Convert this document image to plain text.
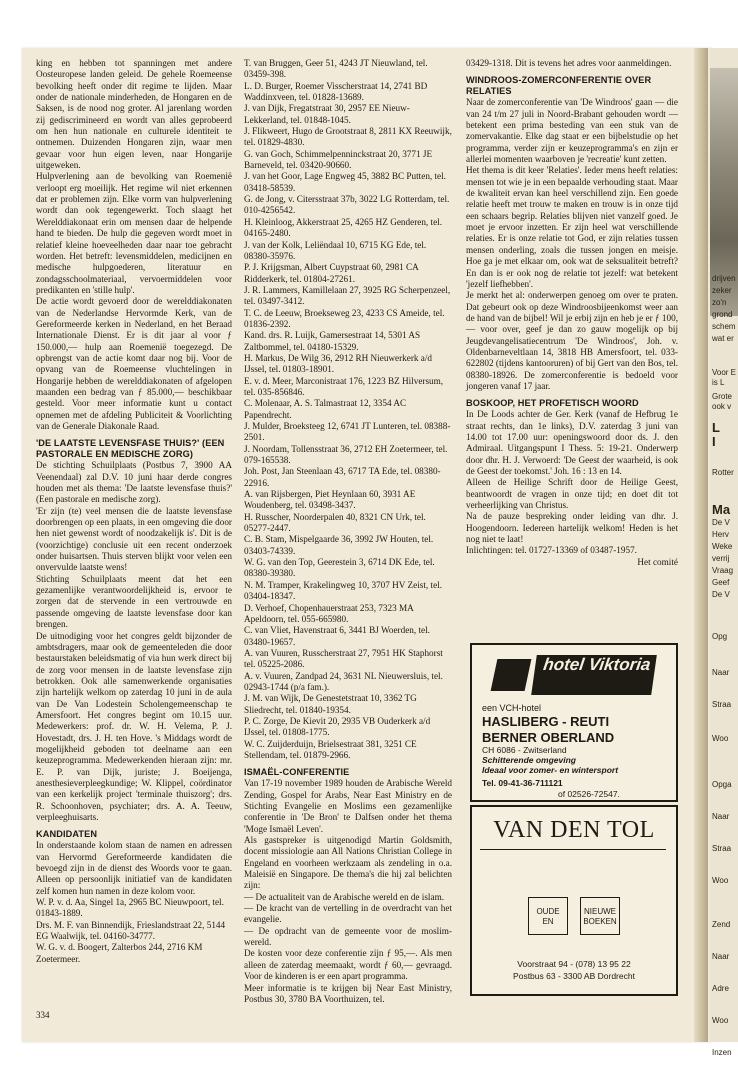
king en hebben tot spanningen met andere Oosteuropese landen geleid. De gehele Roemeense bevolking heeft onder dit regime te lijden. Maar onder de nationale minderheden, de Hongaren en de Saksen, is de nood nog groter. Al jarenlang worden zij gediscrimineerd en wordt van alles geprobeerd om hen hun nationale en culturele identiteit te ontnemen. Duizenden Hongaren zijn, waar men gevaar voor hun eigen leven, naar Hongarije uitgeweken.

Hulpverlening aan de bevolking van Roemenië verloopt erg moeilijk. Het regime wil niet erkennen dat er problemen zijn. Elke vorm van hulpverlening wordt dan ook tegengewerkt. Toch slaagt het Werelddiakonaat erin om mensen daar de helpende hand te bieden. De hulp die gegeven wordt moet in relatief kleine hoeveelheden daar naar toe gebracht worden. Het betreft: levensmiddelen, medicijnen en medische hulpgoederen, literatuur en zondagsschoolmateriaal, vervoermiddelen voor predikanten en 'stille hulp'.

De actie wordt gevoerd door de werelddiakonaten van de Nederlandse Hervormde Kerk, van de Gereformeerde kerken in Nederland, en het Beraad Internationale Dienst. Er is dit jaar al voor ƒ 150.000,— hulp aan Roemenië toegezegd. De opbrengst van de actie komt daar nog bij. Voor de opvang van de Roemeense vluchtelingen in Hongarije hebben de werelddiakonaten of afgelopen maanden een bedrag van ƒ 85.000,— beschikbaar gesteld. Voor meer informatie kunt u contact opnemen met de afdeling Publiciteit & Voorlichting van de Generale Diakonale Raad.

'DE LAATSTE LEVENSFASE THUIS?' (EEN PASTORALE EN MEDISCHE ZORG)

De stichting Schuilplaats (Postbus 7, 3900 AA Veenendaal) zal D.V. 10 juni haar derde congres houden met als thema: 'De laatste levensfase thuis?' (Een pastorale en medische zorg).

'Er zijn (te) veel mensen die de laatste levensfase doorbrengen op een plaats, in een omgeving die door hen niet gewenst wordt of noodzakelijk is'. Dit is de (voorzichtige) conclusie uit een recent onderzoek onder huisartsen. Thuis sterven blijkt voor velen een onvervulde laatste wens!

Stichting Schuilplaats meent dat het een gezamenlijke verantwoordelijkheid is, ervoor te zorgen dat de stervende in een vertrouwde en passende omgeving de laatste levensfase door kan brengen.

De uitnodiging voor het congres geldt bijzonder de ambtsdragers, maar ook de gemeenteleden die door bestaurstaken beleidsmatig of via hun werk direct bij de zorg voor mensen in de laatste levensfase zijn betrokken. Ook alle samenwerkende organisaties zijn hartelijk welkom op zaterdag 10 juni in de aula van De Van Lodestein Scholengemeenschap te Amersfoort. Het congres begint om 10.15 uur. Medewerkers: prof. dr. W. H. Velema, P. J. Hovestadt, drs. J. H. ten Hove. 's Middags wordt de mogelijkheid geboden tot deelname aan een keuzeprogramma. Medewerkenden hieraan zijn: mr. E. P. van Dijk, juriste; J. Boeijenga, anesthesieverpleegkundige; W. Klippel, coördinator van een kerkelijk project 'terminale thuiszorg'; drs. R. Schoonhoven, psychiater; drs. A. A. Teeuw, verpleeghuisarts.

KANDIDATEN

In onderstaande kolom staan de namen en adressen van Hervormd Gereformeerde kandidaten die bevoegd zijn in de dienst des Woords voor te gaan. Alleen op persoonlijk initiatief van de kandidaten zelf komen hun namen in deze kolom voor.

W. P. v. d. Aa, Singel 1a, 2965 BC Nieuwpoort, tel. 01843-1889.

Drs. M. F. van Binnendijk, Frieslandstraat 22, 5144 EG Waalwijk, tel. 04160-34777.

W. G. v. d. Boogert, Zalterbos 244, 2716 KM Zoetermeer.

T. van Bruggen, Geer 51, 4243 JT Nieuwland, tel. 03459-398.

L. D. Burger, Roemer Visscherstraat 14, 2741 BD Waddinxveen, tel. 01828-13689.

J. van Dijk, Fregatstraat 30, 2957 EE Nieuw-Lekkerland, tel. 01848-1045.

J. Flikweert, Hugo de Grootstraat 8, 2811 KX Reeuwijk, tel. 01829-4830.

G. van Goch, Schimmelpenninckstraat 20, 3771 JE Barneveld, tel. 03420-90660.

J. van het Goor, Lage Engweg 45, 3882 BC Putten, tel. 03418-58539.

G. de Jong, v. Citersstraat 37b, 3022 LG Rotterdam, tel. 010-4256542.

H. Kleinloog, Akkerstraat 25, 4265 HZ Genderen, tel. 04165-2480.

J. van der Kolk, Leliëndaal 10, 6715 KG Ede, tel. 08380-35976.

P. J. Krijgsman, Albert Cuypstraat 60, 2981 CA Ridderkerk, tel. 01804-27261.

J. R. Lammers, Kamillelaan 27, 3925 RG Scherpenzeel, tel. 03497-3412.

T. C. de Leeuw, Broekseweg 23, 4233 CS Ameide, tel. 01836-2392.

Kand. drs. R. Luijk, Gamersestraat 14, 5301 AS Zaltbommel, tel. 04180-15329.

H. Markus, De Wilg 36, 2912 RH Nieuwerkerk a/d IJssel, tel. 01803-18901.

E. v. d. Meer, Marconistraat 176, 1223 BZ Hilversum, tel. 035-856846.

C. Molenaar, A. S. Talmastraat 12, 3354 AC Papendrecht.

J. Mulder, Broeksteeg 12, 6741 JT Lunteren, tel. 08388-2501.

J. Noordam, Tollensstraat 36, 2712 EH Zoetermeer, tel. 079-165538.

Joh. Post, Jan Steenlaan 43, 6717 TA Ede, tel. 08380-22916.

A. van Rijsbergen, Piet Heynlaan 60, 3931 AE Woudenberg, tel. 03498-3437.

H. Russcher, Noorderpalen 40, 8321 CN Urk, tel. 05277-2447.

C. B. Stam, Mispelgaarde 36, 3992 JW Houten, tel. 03403-74339.

W. G. van den Top, Geerestein 3, 6714 DK Ede, tel. 08380-39380.

N. M. Tramper, Krakelingweg 10, 3707 HV Zeist, tel. 03404-18347.

D. Verhoef, Chopenhauerstraat 253, 7323 MA Apeldoorn, tel. 055-665980.

C. van Vliet, Havenstraat 6, 3441 BJ Woerden, tel. 03480-19657.

A. van Vuuren, Russcherstraat 27, 7951 HK Staphorst tel. 05225-2086.

A. v. Vuuren, Zandpad 24, 3631 NL Nieuwersluis, tel. 02943-1744 (p/a fam.).

J. M. van Wijk, De Genestetstraat 10, 3362 TG Sliedrecht, tel. 01840-19354.

P. C. Zorge, De Kievit 20, 2935 VB Ouderkerk a/d IJssel, tel. 01808-1775.

W. C. Zuijderduijn, Brielsestraat 381, 3251 CE Stellendam, tel. 01879-2966.

ISMAËL-CONFERENTIE

Van 17-19 november 1989 houden de Arabische Wereld Zending, Gospel for Arabs, Near East Ministry en de Stichting Evangelie en Moslims een gezamenlijke conferentie in 'De Bron' te Dalfsen onder het thema 'Moge Ismaël Leven'.

Als gastspreker is uitgenodigd Martin Goldsmith, docent missiologie aan All Nations Christian College in Engeland en voorheen werkzaam als zendeling in o.a. Maleisië en Singapore. De thema's die hij zal belichten zijn:

— De actualiteit van de Arabische wereld en de islam.

— De kracht van de vertelling in de overdracht van het evangelie.

— De opdracht van de gemeente voor de moslim-wereld.

De kosten voor deze conferentie zijn ƒ 95,—. Als men alleen de zaterdag meemaakt, wordt ƒ 60,— gevraagd. Voor de kinderen is er een apart programma.

Meer informatie is te krijgen bij Near East Ministry, Postbus 30, 3780 BA Voorthuizen, tel.

03429-1318. Dit is tevens het adres voor aanmeldingen.

WINDROOS-ZOMERCONFERENTIE OVER RELATIES

Naar de zomerconferentie van 'De Windroos' gaan — die van 24 t/m 27 juli in Noord-Brabant gehouden wordt — betekent een prima besteding van een stuk van de zomervakantie. Elke dag staat er een bijbelstudie op het programma, verder zijn er keuzeprogramma's en zijn er allerlei momenten waarboven je 'recreatie' kunt zetten.

Het thema is dit keer 'Relaties'. Ieder mens heeft relaties: mensen tot wie je in een bepaalde verhouding staat. Maar de kwaliteit ervan kan heel verschillend zijn. Een goede relatie heeft met trouw te maken en trouw is in onze tijd een schaars begrip. Relaties blijven niet vanzelf goed. Je moet je ervoor inzetten. Er zijn heel wat verschillende relaties. Er is onze relatie tot God, er zijn relaties tussen mensen onderling, zoals die tussen jongen en meisje. Hoe ga je met elkaar om, ook wat de seksualiteit betreft? En dan is er ook nog de relatie tot jezelf: wat betekent 'jezelf liefhebben'.

Je merkt het al: onderwerpen genoeg om over te praten. Dat gebeurt ook op deze Windroosbijeenkomst weer aan de hand van de bijbel! Wil je erbij zijn en heb je er ƒ 100,— voor over, geef je dan zo gauw mogelijk op bij Jeugdevangelisatiecentrum 'De Windroos', Joh. v. Oldenbarneveltlaan 14, 3818 HB Amersfoort, tel. 033-622802 (tijdens kantooruren) of bij Gert van den Bos, tel. 08380-18926. De zomerconferentie is bedoeld voor jongeren vanaf 17 jaar.

BOSKOOP, HET PROFETISCH WOORD

In De Loods achter de Ger. Kerk (vanaf de Hefbrug 1e straat rechts, dan 1e links), D.V. zaterdag 3 juni van 14.00 tot 17.00 uur: openingswoord door ds. J. den Admiraal. Uitgangspunt I Thess. 5: 19-21. Onderwerp door dhr. H. J. Verwoerd: 'De Geest der waarheid, is ook de Geest der toekomst.' Joh. 16 : 13 en 14.

Alleen de Heilige Schrift door de Heilige Geest, beantwoordt de vragen in onze tijd; en doet dit tot verheerlijking van Christus.

Na de pauze bespreking onder leiding van dhr. J. Hoogendoorn. Iedereen hartelijk welkom! Heden is het nog niet te laat!

Inlichtingen: tel. 01727-13369 of 03487-1957.

Het comité

hotel Viktoria
een VCH-hotel
HASLIBERG - REUTI
BERNER OBERLAND
CH 6086 - Zwitserland
Schitterende omgeving
Ideaal voor zomer- en wintersport
Tel. 09-41-36-711121
of 02526-72547.
VAN DEN TOL
OUDE
EN
NIEUWE
BOEKEN
Voorstraat 94 - (078) 13 95 22
Postbus 63 - 3300 AB Dordrecht
334
drijven
zeker
zo'n
grond
schem
wat er
Voor E
is L
Grote
ook v
L
I
Rotter
Ma
De V
Herv
Weke
verrij
Vraag
Geef
De V
Opg
Naar
Straa
Woo
Opga
Naar
Straa
Woo
Zend
Naar
Adre
Woo
Inzen
